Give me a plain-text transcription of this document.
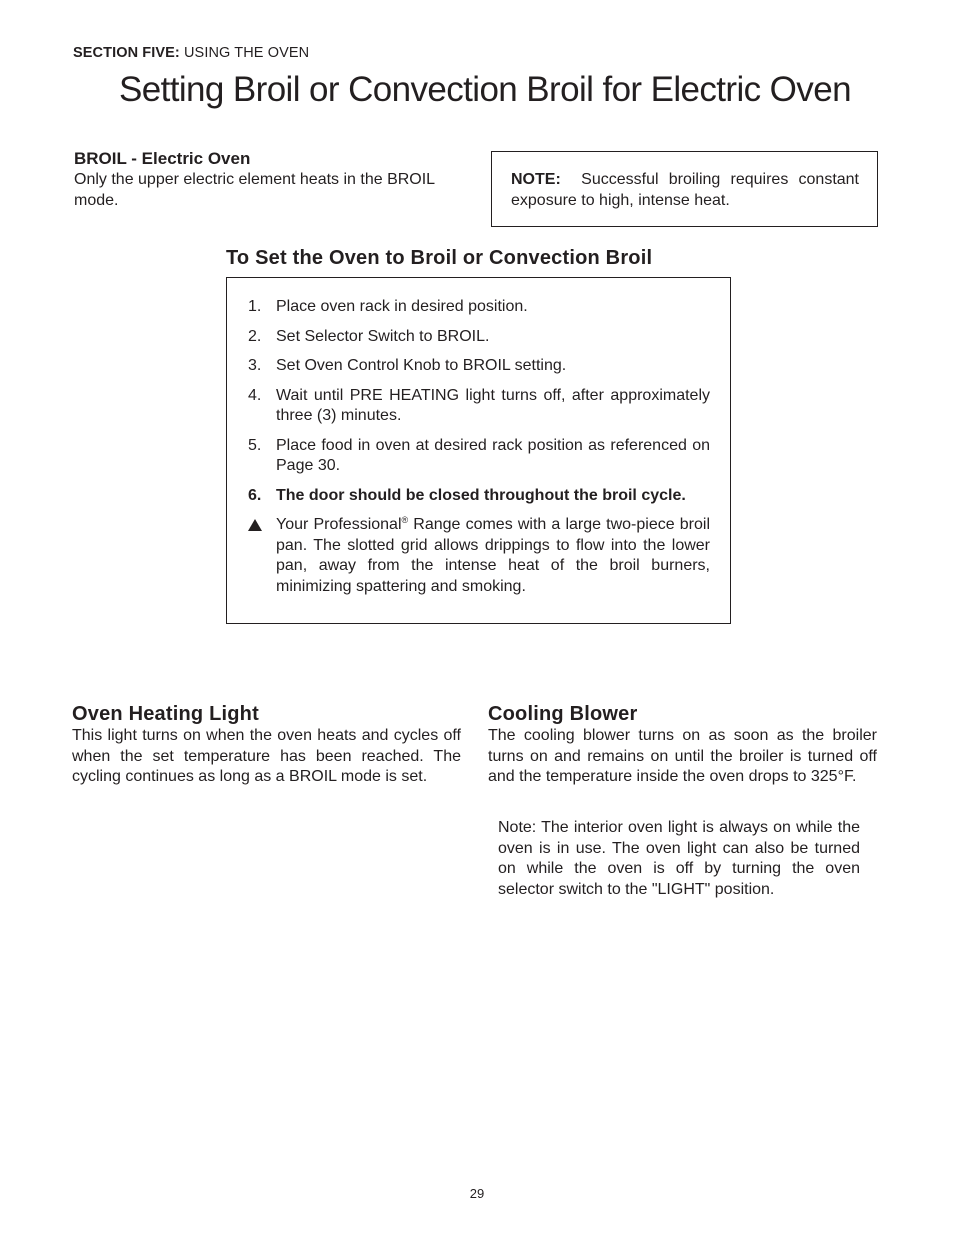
SECTION FIVE: USING THE OVEN
Setting Broil or Convection Broil for Electric Oven
BROIL - Electric Oven
Only the upper electric element heats in the BROIL mode.
NOTE: Successful broiling requires constant exposure to high, intense heat.
To Set the Oven to Broil or Convection Broil
1. Place oven rack in desired position.
2. Set Selector Switch to BROIL.
3. Set Oven Control Knob to BROIL setting.
4. Wait until PRE HEATING light turns off, after approximately three (3) minutes.
5. Place food in oven at desired rack position as referenced on Page 30.
6. The door should be closed throughout the broil cycle.
Your Professional® Range comes with a large two-piece broil pan. The slotted grid allows drippings to flow into the lower pan, away from the intense heat of the broil burners, minimizing spattering and smoking.
Oven Heating Light
This light turns on when the oven heats and cycles off when the set temperature has been reached. The cycling continues as long as a BROIL mode is set.
Cooling Blower
The cooling blower turns on as soon as the broiler turns on and remains on until the broiler is turned off and the temperature inside the oven drops to 325°F.
Note: The interior oven light is always on while the oven is in use. The oven light can also be turned on while the oven is off by turning the oven selector switch to the "LIGHT" position.
29
